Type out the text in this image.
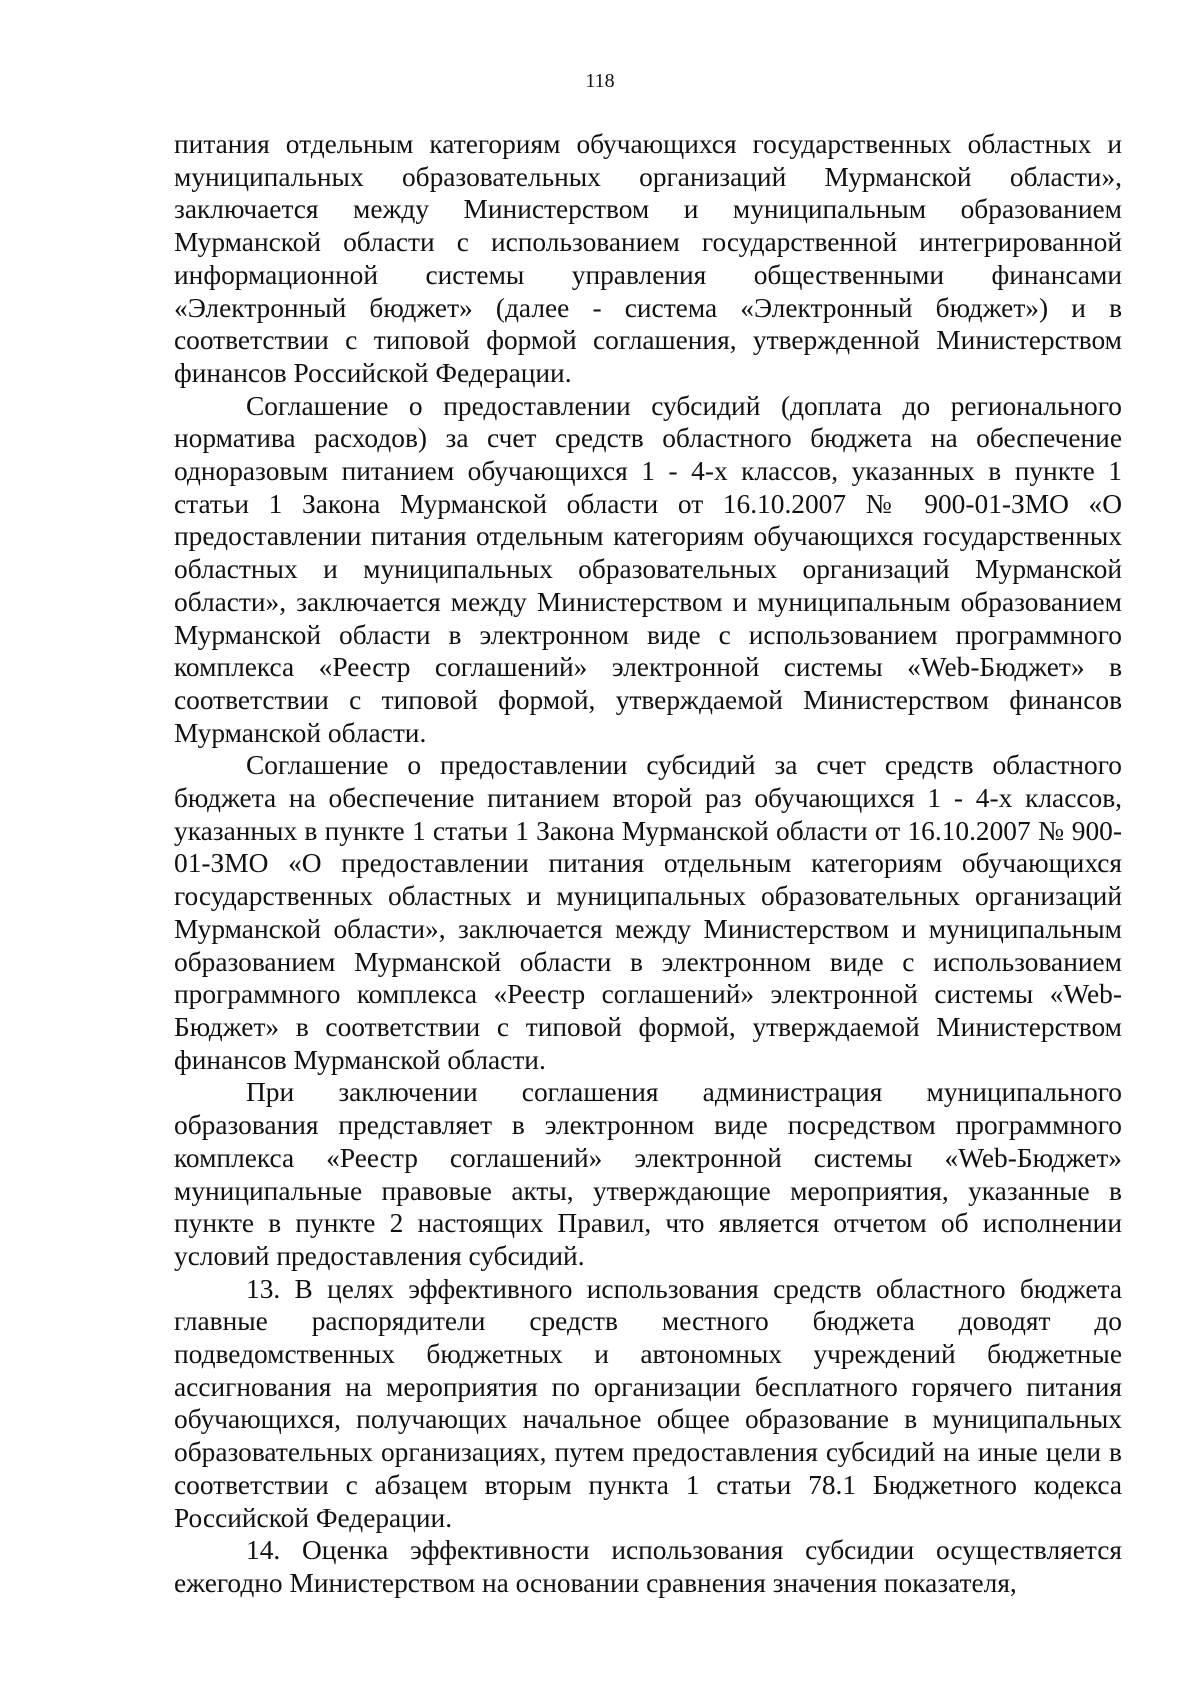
118

питания отдельным категориям обучающихся государственных областных и муниципальных образовательных организаций Мурманской области», заключается между Министерством и муниципальным образованием Мурманской области с использованием государственной интегрированной информационной системы управления общественными финансами «Электронный бюджет» (далее - система «Электронный бюджет») и в соответствии с типовой формой соглашения, утвержденной Министерством финансов Российской Федерации.

Соглашение о предоставлении субсидий (доплата до регионального норматива расходов) за счет средств областного бюджета на обеспечение одноразовым питанием обучающихся 1 - 4-х классов, указанных в пункте 1 статьи 1 Закона Мурманской области от 16.10.2007 № 900-01-ЗМО «О предоставлении питания отдельным категориям обучающихся государственных областных и муниципальных образовательных организаций Мурманской области», заключается между Министерством и муниципальным образованием Мурманской области в электронном виде с использованием программного комплекса «Реестр соглашений» электронной системы «Web-Бюджет» в соответствии с типовой формой, утверждаемой Министерством финансов Мурманской области.

Соглашение о предоставлении субсидий за счет средств областного бюджета на обеспечение питанием второй раз обучающихся 1 - 4-х классов, указанных в пункте 1 статьи 1 Закона Мурманской области от 16.10.2007 № 900-01-ЗМО «О предоставлении питания отдельным категориям обучающихся государственных областных и муниципальных образовательных организаций Мурманской области», заключается между Министерством и муниципальным образованием Мурманской области в электронном виде с использованием программного комплекса «Реестр соглашений» электронной системы «Web-Бюджет» в соответствии с типовой формой, утверждаемой Министерством финансов Мурманской области.

При заключении соглашения администрация муниципального образования представляет в электронном виде посредством программного комплекса «Реестр соглашений» электронной системы «Web-Бюджет» муниципальные правовые акты, утверждающие мероприятия, указанные в пункте в пункте 2 настоящих Правил, что является отчетом об исполнении условий предоставления субсидий.

13. В целях эффективного использования средств областного бюджета главные распорядители средств местного бюджета доводят до подведомственных бюджетных и автономных учреждений бюджетные ассигнования на мероприятия по организации бесплатного горячего питания обучающихся, получающих начальное общее образование в муниципальных образовательных организациях, путем предоставления субсидий на иные цели в соответствии с абзацем вторым пункта 1 статьи 78.1 Бюджетного кодекса Российской Федерации.

14. Оценка эффективности использования субсидии осуществляется ежегодно Министерством на основании сравнения значения показателя,
